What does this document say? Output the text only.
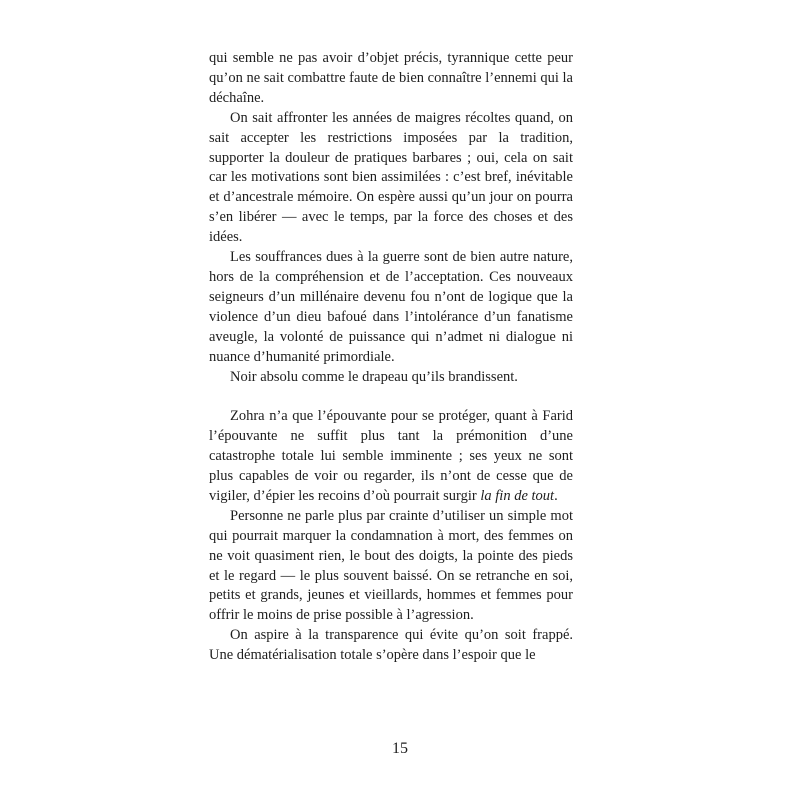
qui semble ne pas avoir d’objet précis, tyrannique cette peur qu’on ne sait combattre faute de bien connaître l’ennemi qui la déchaîne.

On sait affronter les années de maigres récoltes quand, on sait accepter les restrictions imposées par la tradition, supporter la douleur de pratiques barbares ; oui, cela on sait car les motivations sont bien assimilées : c’est bref, inévitable et d’ancestrale mémoire. On espère aussi qu’un jour on pourra s’en libérer — avec le temps, par la force des choses et des idées.

Les souffrances dues à la guerre sont de bien autre nature, hors de la compréhension et de l’acceptation. Ces nouveaux seigneurs d’un millénaire devenu fou n’ont de logique que la violence d’un dieu bafoué dans l’intolérance d’un fanatisme aveugle, la volonté de puissance qui n’admet ni dialogue ni nuance d’humanité primordiale.

Noir absolu comme le drapeau qu’ils brandissent.

Zohra n’a que l’épouvante pour se protéger, quant à Farid l’épouvante ne suffit plus tant la prémonition d’une catastrophe totale lui semble imminente ; ses yeux ne sont plus capables de voir ou regarder, ils n’ont de cesse que de vigiler, d’épier les recoins d’où pourrait surgir la fin de tout.

Personne ne parle plus par crainte d’utiliser un simple mot qui pourrait marquer la condamnation à mort, des femmes on ne voit quasiment rien, le bout des doigts, la pointe des pieds et le regard — le plus souvent baissé. On se retranche en soi, petits et grands, jeunes et vieillards, hommes et femmes pour offrir le moins de prise possible à l’agression.

On aspire à la transparence qui évite qu’on soit frappé. Une dématérialisation totale s’opère dans l’espoir que le

15
